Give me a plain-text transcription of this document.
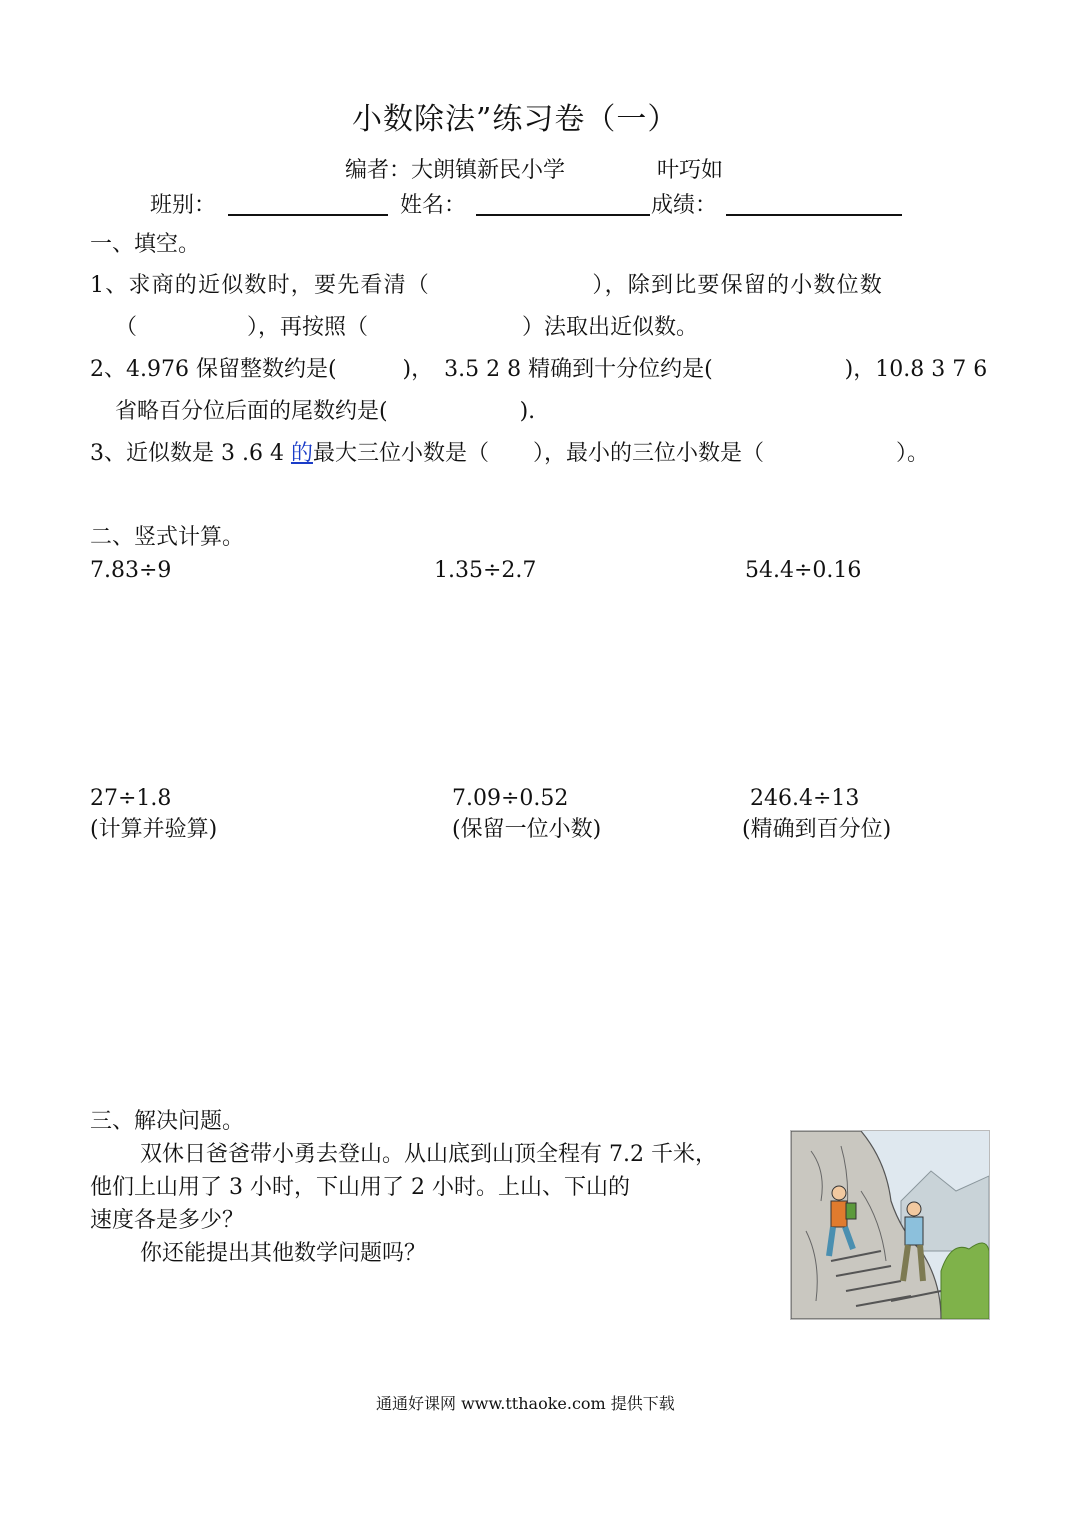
小数除法”练习卷（一）
编者：大朗镇新民小学	叶巧如
班别：	姓名：	成绩：
一、填空。
1、求商的近似数时，要先看清（　　　　　　　），除到比要保留的小数位数
（　　　　　），再按照（　　　　　　　）法取出近似数。
2、4.976 保留整数约是(　　　)，　3.5 2 8 精确到十分位约是(　　　　　　)，10.8 3 7 6
省略百分位后面的尾数约是(　　　　　　).
3、近似数是 3 .6 4 的最大三位小数是（　　），最小的三位小数是（　　　　　　）。
二、竖式计算。
7.83÷9	1.35÷2.7	54.4÷0.16
27÷1.8	7.09÷0.52	246.4÷13
(计算并验算)	(保留一位小数)	(精确到百分位)
三、解决问题。
双休日爸爸带小勇去登山。从山底到山顶全程有 7.2 千米，
他们上山用了 3 小时，下山用了 2 小时。上山、下山的
速度各是多少？
你还能提出其他数学问题吗？
通通好课网 www.tthaoke.com 提供下载
